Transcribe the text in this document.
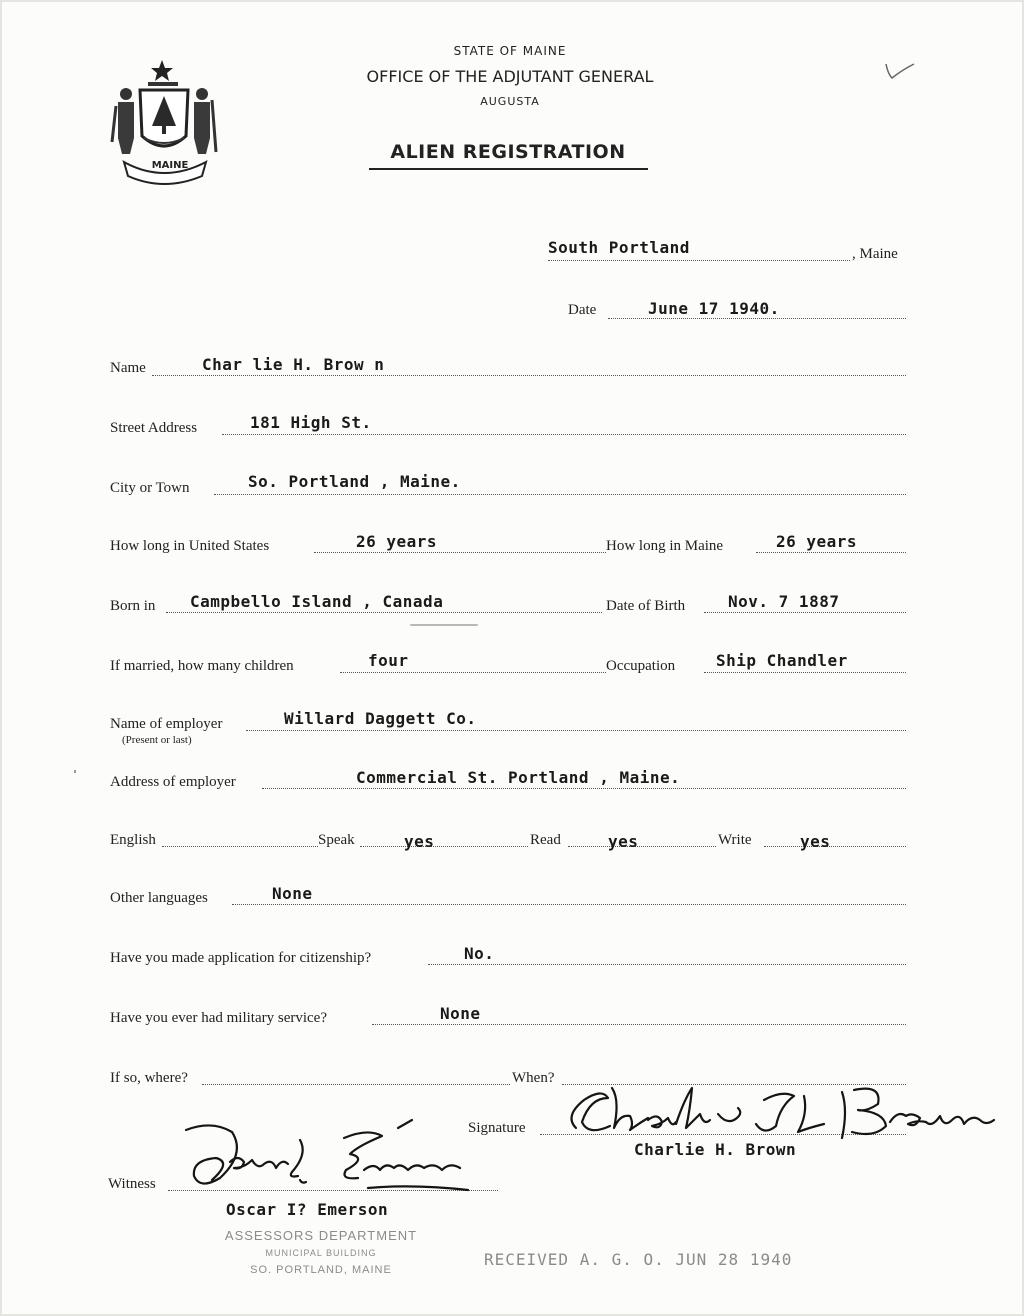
MAINE
STATE OF MAINE
OFFICE OF THE ADJUTANT GENERAL
AUGUSTA
ALIEN REGISTRATION
South Portland	, Maine
Date	June 17 1940.
Name	Char lie H. Brow n
Street Address	181 High St.
City or Town	So. Portland , Maine.
How long in United States	26 years	How long in Maine	26 years
Born in Campbello Island , Canada	Date of Birth	Nov. 7 1887
If married, how many children	four	Occupation	Ship Chandler
Name of employer	Willard Daggett Co.
(Present or last)
Address of employer	Commercial St. Portland , Maine.
English	Speak	yes	Read	yes	Write	yes
Other languages	None
Have you made application for citizenship?	No.
Have you ever had military service?	None
If so, where?	When?
Signature
Charlie H. Brown
Witness
Oscar I? Emerson
ASSESSORS DEPARTMENT
MUNICIPAL BUILDING
SO. PORTLAND, MAINE
RECEIVED A. G. O. JUN 28 1940
